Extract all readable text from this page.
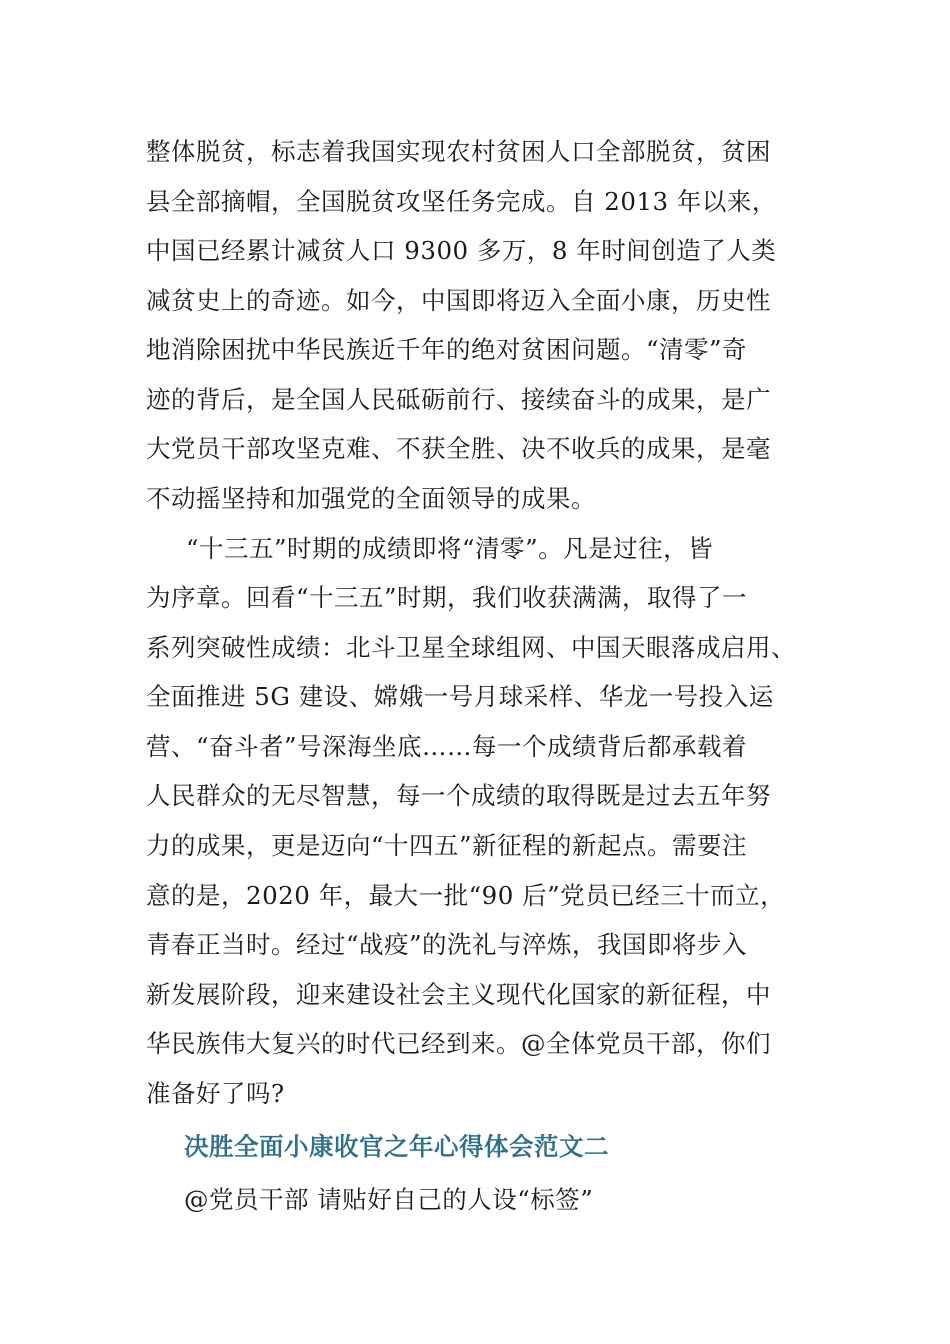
整体脱贫，标志着我国实现农村贫困人口全部脱贫，贫困
县全部摘帽，全国脱贫攻坚任务完成。自 2013 年以来，
中国已经累计减贫人口 9300 多万，8 年时间创造了人类
减贫史上的奇迹。如今，中国即将迈入全面小康，历史性
地消除困扰中华民族近千年的绝对贫困问题。“清零”奇
迹的背后，是全国人民砥砺前行、接续奋斗的成果，是广
大党员干部攻坚克难、不获全胜、决不收兵的成果，是毫
不动摇坚持和加强党的全面领导的成果。
“十三五”时期的成绩即将“清零”。凡是过往，皆
为序章。回看“十三五”时期，我们收获满满，取得了一
系列突破性成绩：北斗卫星全球组网、中国天眼落成启用、
全面推进 5G 建设、嫦娥一号月球采样、华龙一号投入运
营、“奋斗者”号深海坐底……每一个成绩背后都承载着
人民群众的无尽智慧，每一个成绩的取得既是过去五年努
力的成果，更是迈向“十四五”新征程的新起点。需要注
意的是，2020 年，最大一批“90 后”党员已经三十而立，
青春正当时。经过“战疫”的洗礼与淬炼，我国即将步入
新发展阶段，迎来建设社会主义现代化国家的新征程，中
华民族伟大复兴的时代已经到来。@全体党员干部，你们
准备好了吗?
决胜全面小康收官之年心得体会范文二
@党员干部 请贴好自己的人设“标签”
